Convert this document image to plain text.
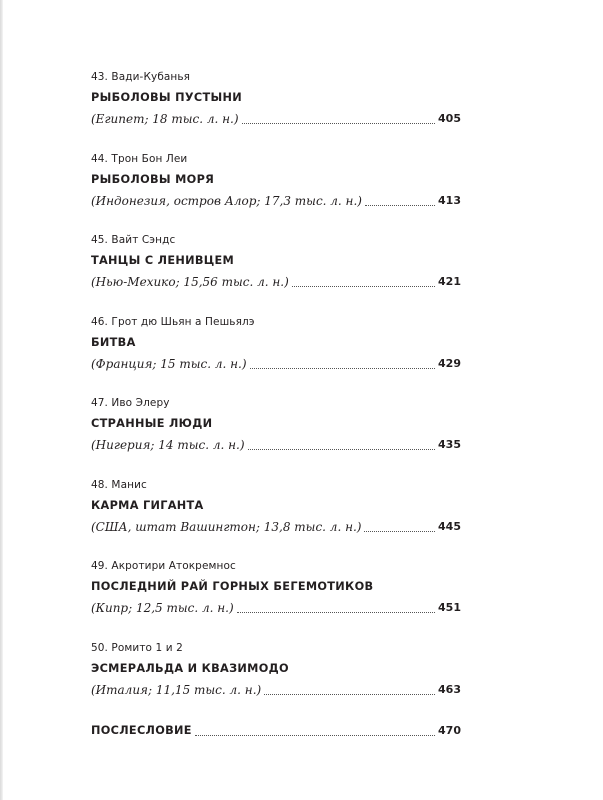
43. Вади-Кубанья
РЫБОЛОВЫ ПУСТЫНИ
(Египет; 18 тыс. л. н.)	405
44. Трон Бон Леи
РЫБОЛОВЫ МОРЯ
(Индонезия, остров Алор; 17,3 тыс. л. н.)	413
45. Вайт Сэндс
ТАНЦЫ С ЛЕНИВЦЕМ
(Нью-Мехико; 15,56 тыс. л. н.)	421
46. Грот дю Шьян а Пешьялэ
БИТВА
(Франция; 15 тыс. л. н.)	429
47. Иво Элеру
СТРАННЫЕ ЛЮДИ
(Нигерия; 14 тыс. л. н.)	435
48. Манис
КАРМА ГИГАНТА
(США, штат Вашингтон; 13,8 тыс. л. н.)	445
49. Акротири Атокремнос
ПОСЛЕДНИЙ РАЙ ГОРНЫХ БЕГЕМОТИКОВ
(Кипр; 12,5 тыс. л. н.)	451
50. Ромито 1 и 2
ЭСМЕРАЛЬДА И КВАЗИМОДО
(Италия; 11,15 тыс. л. н.)	463
ПОСЛЕСЛОВИЕ	470
